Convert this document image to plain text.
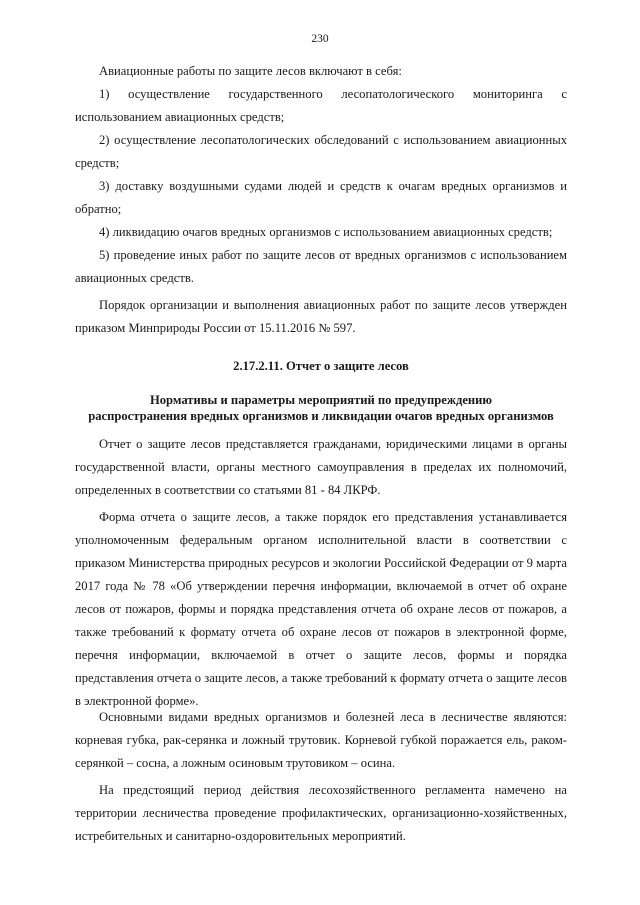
230

Авиационные работы по защите лесов включают в себя:

1) осуществление государственного лесопатологического мониторинга с использованием авиационных средств;

2) осуществление лесопатологических обследований с использованием авиационных средств;

3) доставку воздушными судами людей и средств к очагам вредных организмов и обратно;

4) ликвидацию очагов вредных организмов с использованием авиационных средств;

5) проведение иных работ по защите лесов от вредных организмов с использованием авиационных средств.

Порядок организации и выполнения авиационных работ по защите лесов утвержден приказом Минприроды России от 15.11.2016 № 597.

2.17.2.11. Отчет о защите лесов

Нормативы и параметры мероприятий по предупреждению

распространения вредных организмов и ликвидации очагов вредных организмов

Отчет о защите лесов представляется гражданами, юридическими лицами в органы государственной власти, органы местного самоуправления в пределах их полномочий, определенных в соответствии со статьями 81 - 84 ЛКРФ.

Форма отчета о защите лесов, а также порядок его представления устанавливается уполномоченным федеральным органом исполнительной власти в соответствии с приказом Министерства природных ресурсов и экологии Российской Федерации от 9 марта 2017 года № 78 «Об утверждении перечня информации, включаемой в отчет об охране лесов от пожаров, формы и порядка представления отчета об охране лесов от пожаров, а также требований к формату отчета об охране лесов от пожаров в электронной форме, перечня информации, включаемой в отчет о защите лесов, формы и порядка представления отчета о защите лесов, а также требований к формату отчета о защите лесов в электронной форме».

Основными видами вредных организмов и болезней леса в лесничестве являются: корневая губка, рак-серянка и ложный трутовик. Корневой губкой поражается ель, раком-серянкой – сосна, а ложным осиновым трутовиком – осина.

На предстоящий период действия лесохозяйственного регламента намечено на территории лесничества проведение профилактических, организационно-хозяйственных, истребительных и санитарно-оздоровительных мероприятий.
